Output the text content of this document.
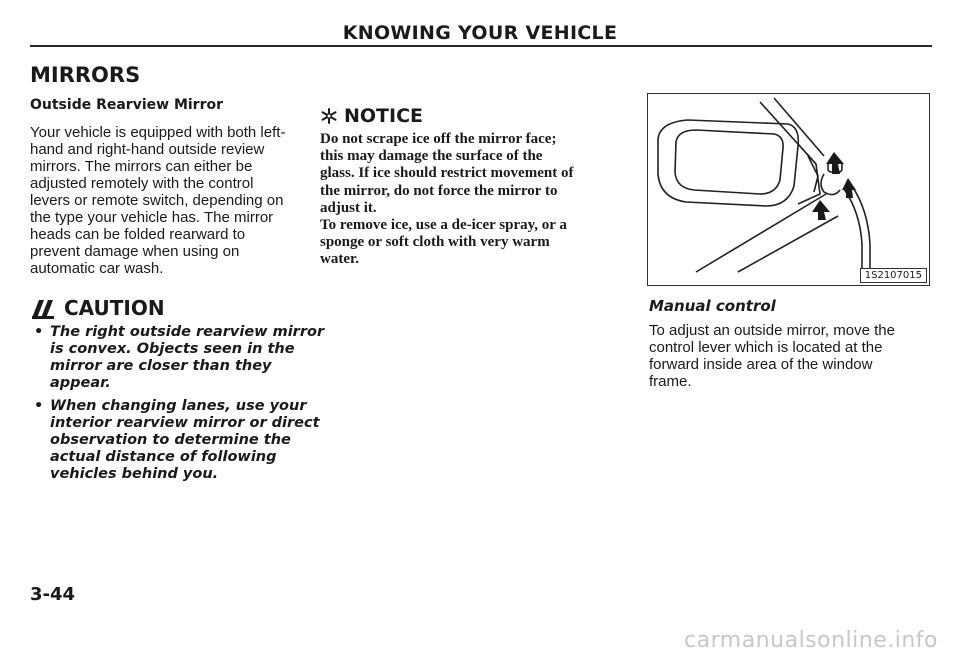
KNOWING YOUR VEHICLE
MIRRORS
Outside Rearview Mirror
Your vehicle is equipped with both left-
hand and right-hand outside review
mirrors. The mirrors can either be
adjusted remotely with the control
levers or remote switch, depending on
the type your vehicle has. The mirror
heads can be folded rearward to
prevent damage when using on
automatic car wash.
CAUTION
• The right outside rearview mirror
is convex. Objects seen in the
mirror are closer than they
appear.
• When changing lanes, use your
interior rearview mirror or direct
observation to determine the
actual distance of following
vehicles behind you.
NOTICE
Do not scrape ice off the mirror face;
this may damage the surface of the
glass. If ice should restrict movement of
the mirror, do not force the mirror to
adjust it.
To remove ice, use a de-icer spray, or a
sponge or soft cloth with very warm
water.
1S2107015
Manual control
To adjust an outside mirror, move the
control lever which is located at the
forward inside area of the window
frame.
3-44
carmanualsonline.info
